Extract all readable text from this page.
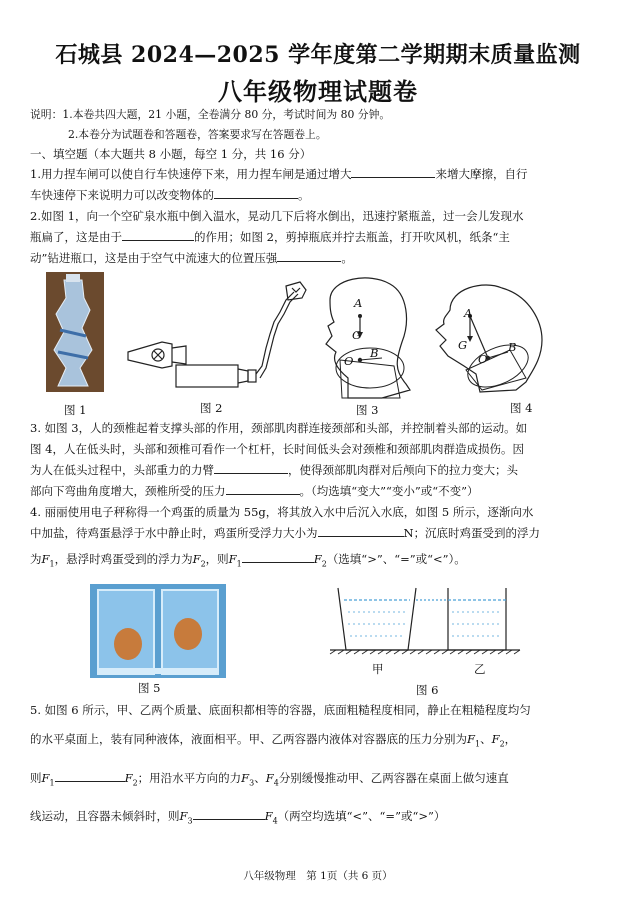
石城县 2024—2025 学年度第二学期期末质量监测
八年级物理试题卷
说明：1.本卷共四大题，21 小题，全卷满分 80 分，考试时间为 80 分钟。
2.本卷分为试题卷和答题卷，答案要求写在答题卷上。
一、填空题（本大题共 8 小题，每空 1 分，共 16 分）
1.用力捏车闸可以使自行车快速停下来，用力捏车闸是通过增大	来增大摩擦，自行
车快速停下来说明力可以改变物体的	。
2.如图 1，向一个空矿泉水瓶中倒入温水，晃动几下后将水倒出，迅速拧紧瓶盖，过一会儿发现水
瓶扁了，这是由于	的作用；如图 2，剪掉瓶底并拧去瓶盖，打开吹风机，纸条“主
动”钻进瓶口，这是由于空气中流速大的位置压强	。
A
G
O
B
A
G
O
B
图 1	图 2	图 3	图 4
3. 如图 3，人的颈椎起着支撑头部的作用，颈部肌肉群连接颈部和头部，并控制着头部的运动。如
图 4，人在低头时，头部和颈椎可看作一个杠杆，长时间低头会对颈椎和颈部肌肉群造成损伤。因
为人在低头过程中，头部重力的力臂	，使得颈部肌肉群对后颅向下的拉力变大；头
部向下弯曲角度增大，颈椎所受的压力	。（均选填“变大”“变小”或“不变”）
4. 丽丽使用电子秤称得一个鸡蛋的质量为 55g，将其放入水中后沉入水底，如图 5 所示，逐渐向水
中加盐，待鸡蛋悬浮于水中静止时，鸡蛋所受浮力大小为	N；沉底时鸡蛋受到的浮力
为$F_1$，悬浮时鸡蛋受到的浮力为$F_2$，则$F_1$	$F_2$（选填“>”、“=”或“<”）。
图 5
甲	乙
图 6
5. 如图 6 所示，甲、乙两个质量、底面积都相等的容器，底面粗糙程度相同，静止在粗糙程度均匀
的水平桌面上，装有同种液体，液面相平。甲、乙两容器内液体对容器底的压力分别为$F_1$、$F_2$，
则$F_1$	$F_2$；用沿水平方向的力$F_3$、$F_4$分别缓慢推动甲、乙两容器在桌面上做匀速直
线运动，且容器未倾斜时，则$F_3$	$F_4$（两空均选填“<”、“=”或“>”）
八年级物理　第 1页（共 6 页）
